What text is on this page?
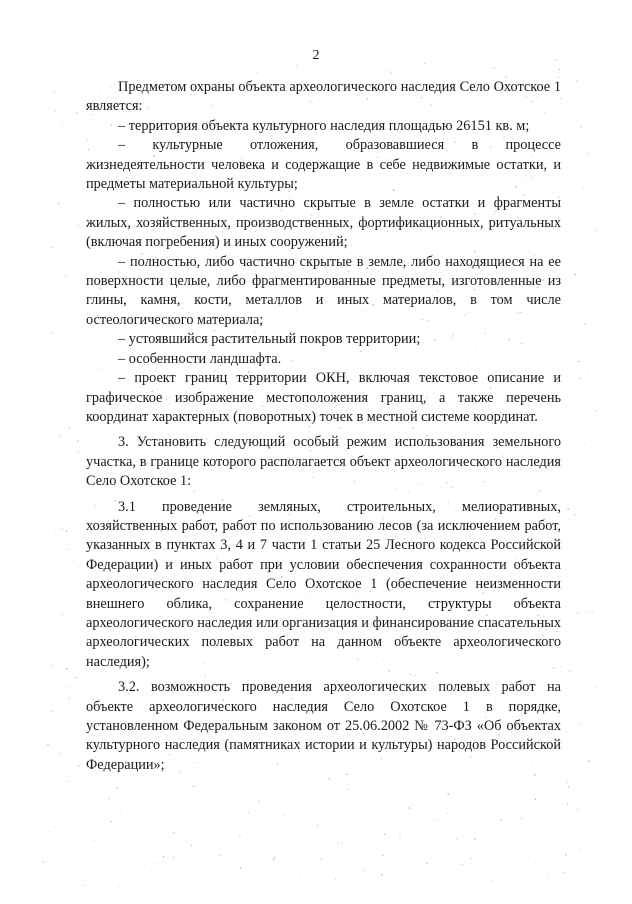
2

Предметом охраны объекта археологического наследия Село Охотское 1 является:

– территория объекта культурного наследия площадью 26151 кв. м;

– культурные отложения, образовавшиеся в процессе жизнедеятельности человека и содержащие в себе недвижимые остатки, и предметы материальной культуры;

– полностью или частично скрытые в земле остатки и фрагменты жилых, хозяйственных, производственных, фортификационных, ритуальных (включая погребения) и иных сооружений;

– полностью, либо частично скрытые в земле, либо находящиеся на ее поверхности целые, либо фрагментированные предметы, изготовленные из глины, камня, кости, металлов и иных материалов, в том числе остеологического материала;

– устоявшийся растительный покров территории;

– особенности ландшафта.

– проект границ территории ОКН, включая текстовое описание и графическое изображение местоположения границ, а также перечень координат характерных (поворотных) точек в местной системе координат.

3. Установить следующий особый режим использования земельного участка, в границе которого располагается объект археологического наследия Село Охотское 1:

3.1 проведение земляных, строительных, мелиоративных, хозяйственных работ, работ по использованию лесов (за исключением работ, указанных в пунктах 3, 4 и 7 части 1 статьи 25 Лесного кодекса Российской Федерации) и иных работ при условии обеспечения сохранности объекта археологического наследия Село Охотское 1 (обеспечение неизменности внешнего облика, сохранение целостности, структуры объекта археологического наследия или организация и финансирование спасательных археологических полевых работ на данном объекте археологического наследия);

3.2. возможность проведения археологических полевых работ на объекте археологического наследия Село Охотское 1 в порядке, установленном Федеральным законом от 25.06.2002 № 73-ФЗ «Об объектах культурного наследия (памятниках истории и культуры) народов Российской Федерации»;
